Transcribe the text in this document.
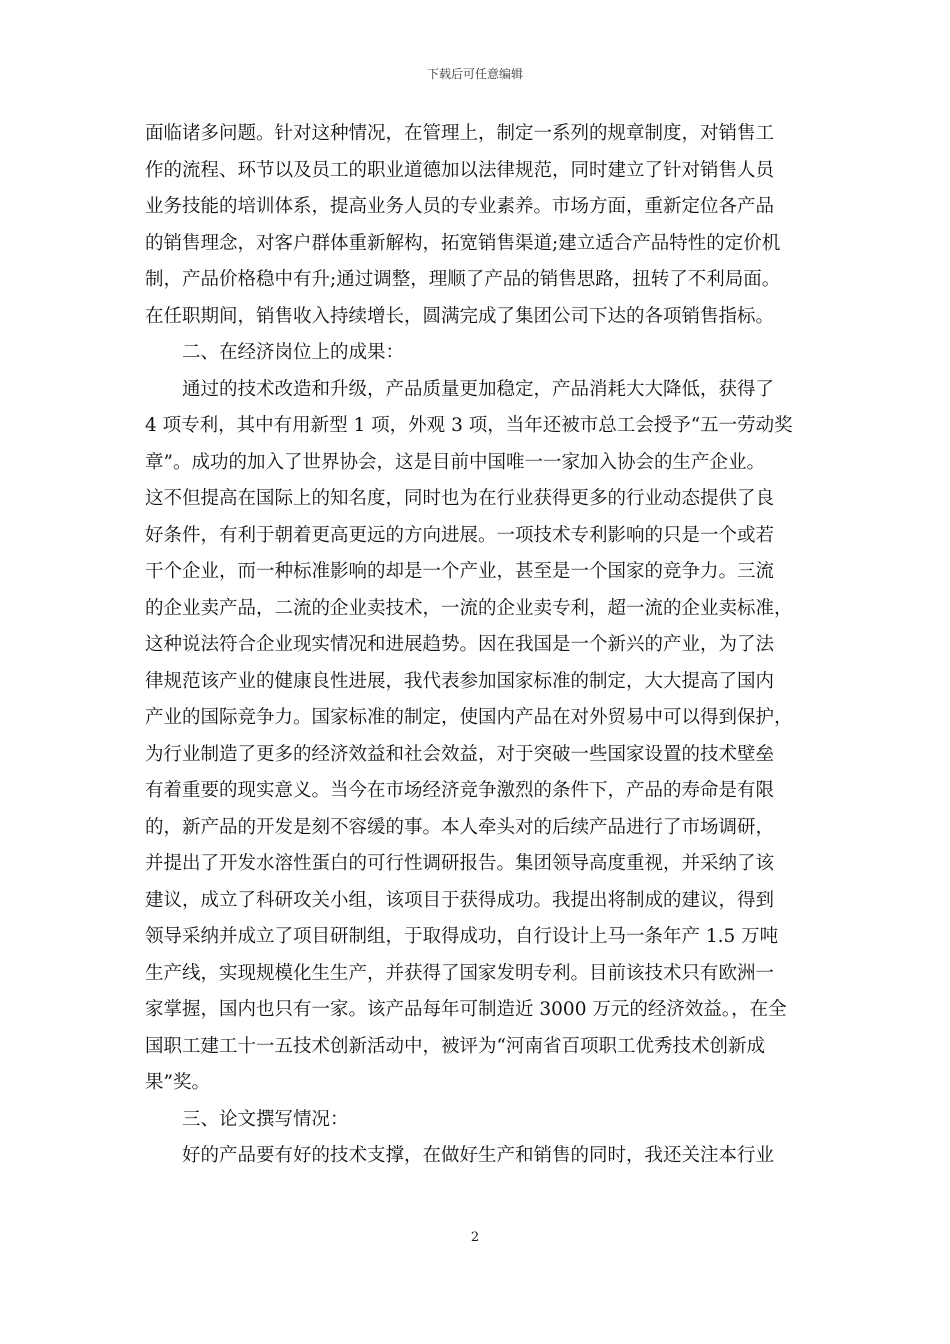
下载后可任意编辑
面临诸多问题。针对这种情况，在管理上，制定一系列的规章制度，对销售工
作的流程、环节以及员工的职业道德加以法律规范，同时建立了针对销售人员
业务技能的培训体系，提高业务人员的专业素养。市场方面，重新定位各产品
的销售理念，对客户群体重新解构，拓宽销售渠道;建立适合产品特性的定价机
制，产品价格稳中有升;通过调整，理顺了产品的销售思路，扭转了不利局面。
在任职期间，销售收入持续增长，圆满完成了集团公司下达的各项销售指标。
二、在经济岗位上的成果：
通过的技术改造和升级，产品质量更加稳定，产品消耗大大降低，获得了
4 项专利，其中有用新型 1 项，外观 3 项，当年还被市总工会授予“五一劳动奖
章”。成功的加入了世界协会，这是目前中国唯一一家加入协会的生产企业。
这不但提高在国际上的知名度，同时也为在行业获得更多的行业动态提供了良
好条件，有利于朝着更高更远的方向进展。一项技术专利影响的只是一个或若
干个企业，而一种标准影响的却是一个产业，甚至是一个国家的竞争力。三流
的企业卖产品，二流的企业卖技术，一流的企业卖专利，超一流的企业卖标准，
这种说法符合企业现实情况和进展趋势。因在我国是一个新兴的产业，为了法
律规范该产业的健康良性进展，我代表参加国家标准的制定，大大提高了国内
产业的国际竞争力。国家标准的制定，使国内产品在对外贸易中可以得到保护，
为行业制造了更多的经济效益和社会效益，对于突破一些国家设置的技术壁垒
有着重要的现实意义。当今在市场经济竞争激烈的条件下，产品的寿命是有限
的，新产品的开发是刻不容缓的事。本人牵头对的后续产品进行了市场调研，
并提出了开发水溶性蛋白的可行性调研报告。集团领导高度重视，并采纳了该
建议，成立了科研攻关小组，该项目于获得成功。我提出将制成的建议，得到
领导采纳并成立了项目研制组，于取得成功，自行设计上马一条年产 1.5 万吨
生产线，实现规模化生生产，并获得了国家发明专利。目前该技术只有欧洲一
家掌握，国内也只有一家。该产品每年可制造近 3000 万元的经济效益。，在全
国职工建工十一五技术创新活动中，被评为“河南省百项职工优秀技术创新成
果”奖。
三、论文撰写情况：
好的产品要有好的技术支撑，在做好生产和销售的同时，我还关注本行业
2
